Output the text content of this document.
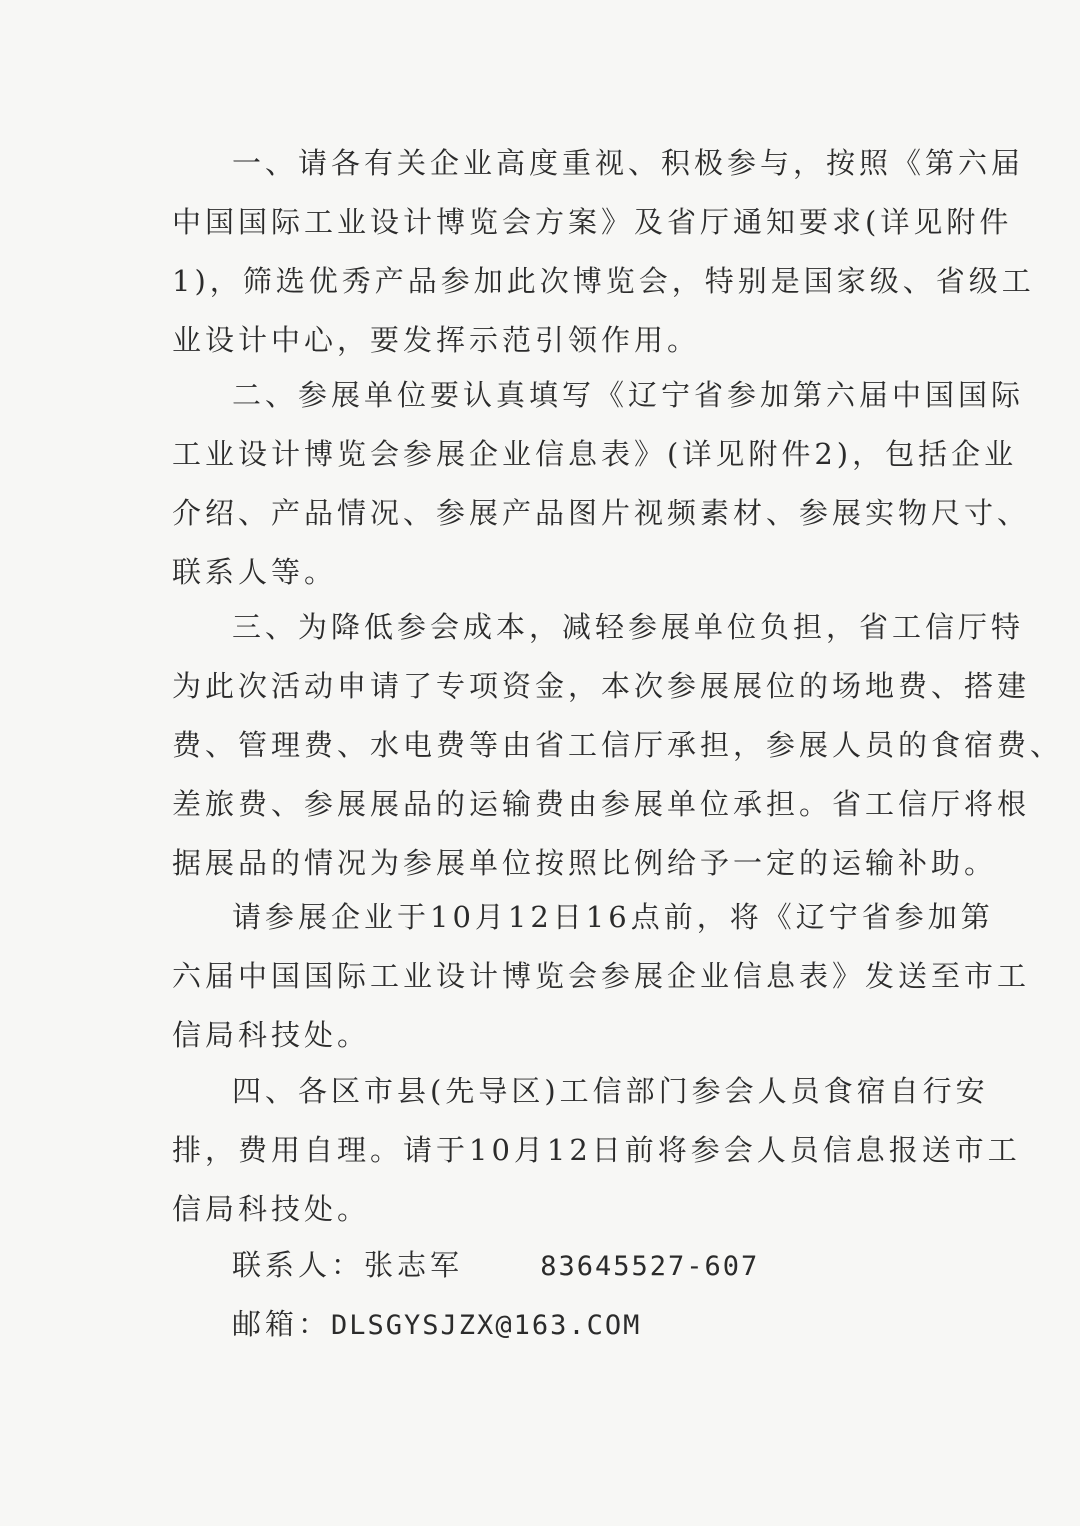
一、请各有关企业高度重视、积极参与，按照《第六届
中国国际工业设计博览会方案》及省厅通知要求(详见附件
1)，筛选优秀产品参加此次博览会，特别是国家级、省级工
业设计中心，要发挥示范引领作用。
二、参展单位要认真填写《辽宁省参加第六届中国国际
工业设计博览会参展企业信息表》(详见附件2)，包括企业
介绍、产品情况、参展产品图片视频素材、参展实物尺寸、
联系人等。
三、为降低参会成本，减轻参展单位负担，省工信厅特
为此次活动申请了专项资金，本次参展展位的场地费、搭建
费、管理费、水电费等由省工信厅承担，参展人员的食宿费、
差旅费、参展展品的运输费由参展单位承担。省工信厅将根
据展品的情况为参展单位按照比例给予一定的运输补助。
请参展企业于10月12日16点前，将《辽宁省参加第
六届中国国际工业设计博览会参展企业信息表》发送至市工
信局科技处。
四、各区市县(先导区)工信部门参会人员食宿自行安
排，费用自理。请于10月12日前将参会人员信息报送市工
信局科技处。
联系人：张志军	83645527-607
邮箱：DLSGYSJZX@163.COM
